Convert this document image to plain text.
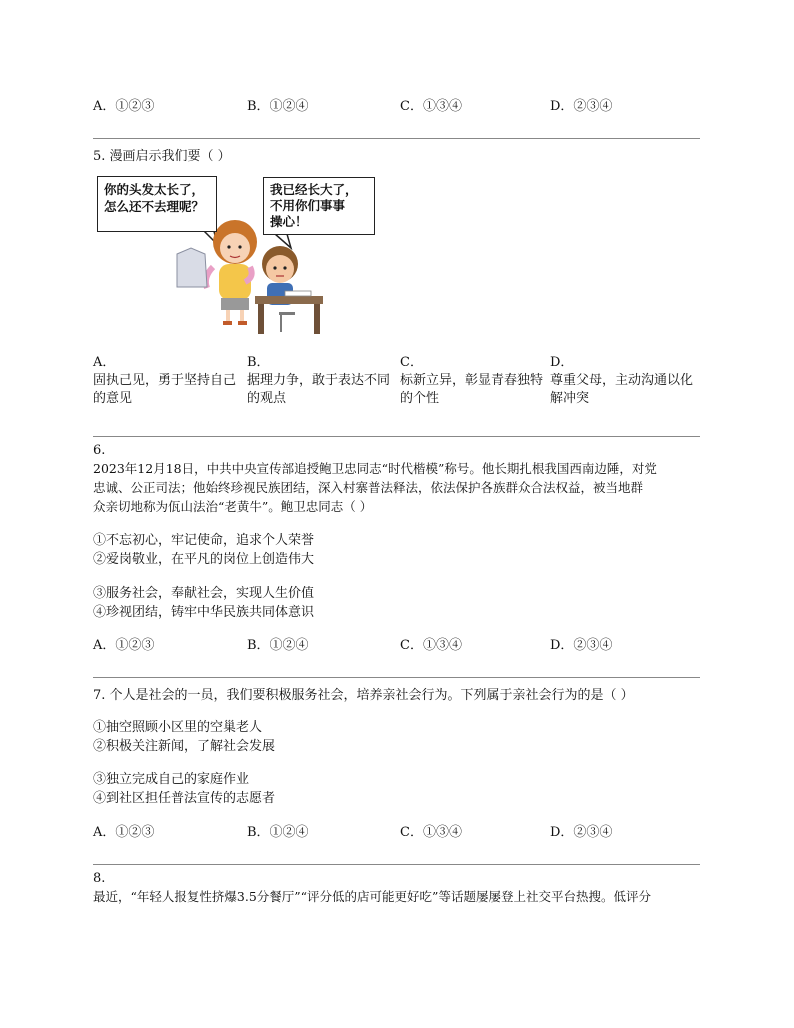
A．①②③	B．①②④	C．①③④	D．②③④
5. 漫画启示我们要（ ）
你的头发太长了，
怎么还不去理呢？
我已经长大了，
不用你们事事
操心！
A．
固执己见，勇于坚持自己
的意见
B．
据理力争，敢于表达不同
的观点
C．
标新立异，彰显青春独特
的个性
D．
尊重父母，主动沟通以化
解冲突
6.
2023年12月18日，中共中央宣传部追授鲍卫忠同志“时代楷模”称号。他长期扎根我国西南边陲，对党
忠诚、公正司法；他始终珍视民族团结，深入村寨普法释法，依法保护各族群众合法权益，被当地群
众亲切地称为佤山法治“老黄牛”。鲍卫忠同志（ ）
①不忘初心，牢记使命，追求个人荣誉
②爱岗敬业，在平凡的岗位上创造伟大
③服务社会，奉献社会，实现人生价值
④珍视团结，铸牢中华民族共同体意识
A．①②③	B．①②④	C．①③④	D．②③④
7. 个人是社会的一员，我们要积极服务社会，培养亲社会行为。下列属于亲社会行为的是（ ）
①抽空照顾小区里的空巢老人
②积极关注新闻，了解社会发展
③独立完成自己的家庭作业
④到社区担任普法宣传的志愿者
A．①②③	B．①②④	C．①③④	D．②③④
8.
最近，“年轻人报复性挤爆3.5分餐厅”“评分低的店可能更好吃”等话题屡屡登上社交平台热搜。低评分
